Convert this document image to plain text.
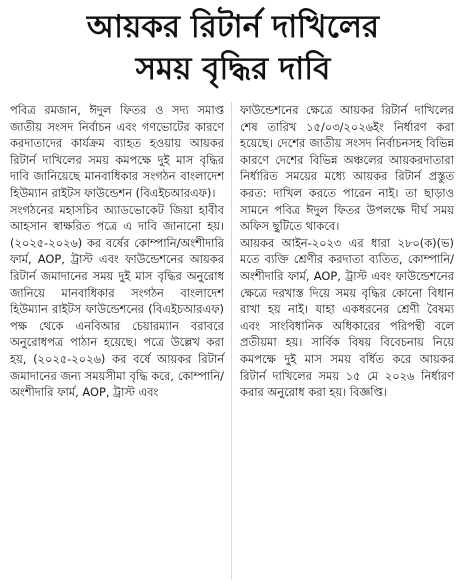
আয়কর রিটার্ন দাখিলের
সময় বৃদ্ধির দাবি

পবিত্র রমজান, ঈদুল ফিতর ও সদ্য সমাপ্ত জাতীয় সংসদ নির্বাচন এবং গণভোটের কারণে করদাতাদের কার্যক্রম ব্যাহত হওয়ায় আয়কর রিটার্ন দাখিলের সময় কমপক্ষে দুই মাস বৃদ্ধির দাবি জানিয়েছে মানবাধিকার সংগঠন বাংলাদেশ হিউম্যান রাইটস ফাউন্ডেশন (বিএইচআরএফ)।

সংগঠনের মহাসচিব অ্যাডভোকেট জিয়া হাবীব আহসান স্বাক্ষরিত পত্রে এ দাবি জানানো হয়। (২০২৫-২০২৬) কর বর্ষের কোম্পানি/অংশীদারি ফার্ম, AOP, ট্রাস্ট এবং ফাউন্ডেশনের আয়কর রিটার্ন জমাদানের সময় দুই মাস বৃদ্ধির অনুরোধ জানিয়ে মানবাধিকার সংগঠন বাংলাদেশ হিউম্যান রাইটস ফাউন্ডেশনের (বিএইচআরএফ) পক্ষ থেকে এনবিআর চেয়ারম্যান বরাবরে অনুরোধপত্র পাঠান হয়েছে। পত্রে উল্লেখ করা হয়, (২০২৫-২০২৬) কর বর্ষে আয়কর রিটার্ন জমাদানের জন্য সময়সীমা বৃদ্ধি করে, কোম্পানি/অংশীদারি ফার্ম, AOP, ট্রাস্ট এবং

ফাউন্ডেশনের ক্ষেত্রে আয়কর রিটার্ন দাখিলের শেষ তারিখ ১৫/০৩/২০২৬ইং নির্ধারণ করা হয়েছে। দেশের জাতীয় সংসদ নির্বাচনসহ বিভিন্ন কারণে দেশের বিভিন্ন অঞ্চলের আয়করদাতারা নির্ধারিত সময়ের মধ্যে আয়কর রিটার্ন প্রস্তুত করত: দাখিল করতে পারেন নাই। তা ছাড়াও সামনে পবিত্র ঈদুল ফিতর উপলক্ষে দীর্ঘ সময় অফিস ছুটিতে থাকবে।

আয়কর আইন-২০২৩ এর ধারা ২৮০(ক)(ভ) মতে ব্যক্তি শ্রেণীর করদাতা ব্যতিত, কোম্পানি/অংশীদারি ফার্ম, AOP, ট্রাস্ট এবং ফাউন্ডেশনের ক্ষেত্রে দরখাস্ত দিয়ে সময় বৃদ্ধির কোনো বিধান রাখা হয় নাই। যাহা একধরনের শ্রেণী বৈষম্য এবং সাংবিধানিক অধিকারের পরিপন্থী বলে প্রতীয়মা হয়। সার্বিক বিষয় বিবেচনায় নিয়ে কমপক্ষে দুই মাস সময় বর্ধিত করে আয়কর রিটার্ন দাখিলের সময় ১৫ মে ২০২৬ নির্ধারণ করার অনুরোধ করা হয়। বিজ্ঞপ্তি।
